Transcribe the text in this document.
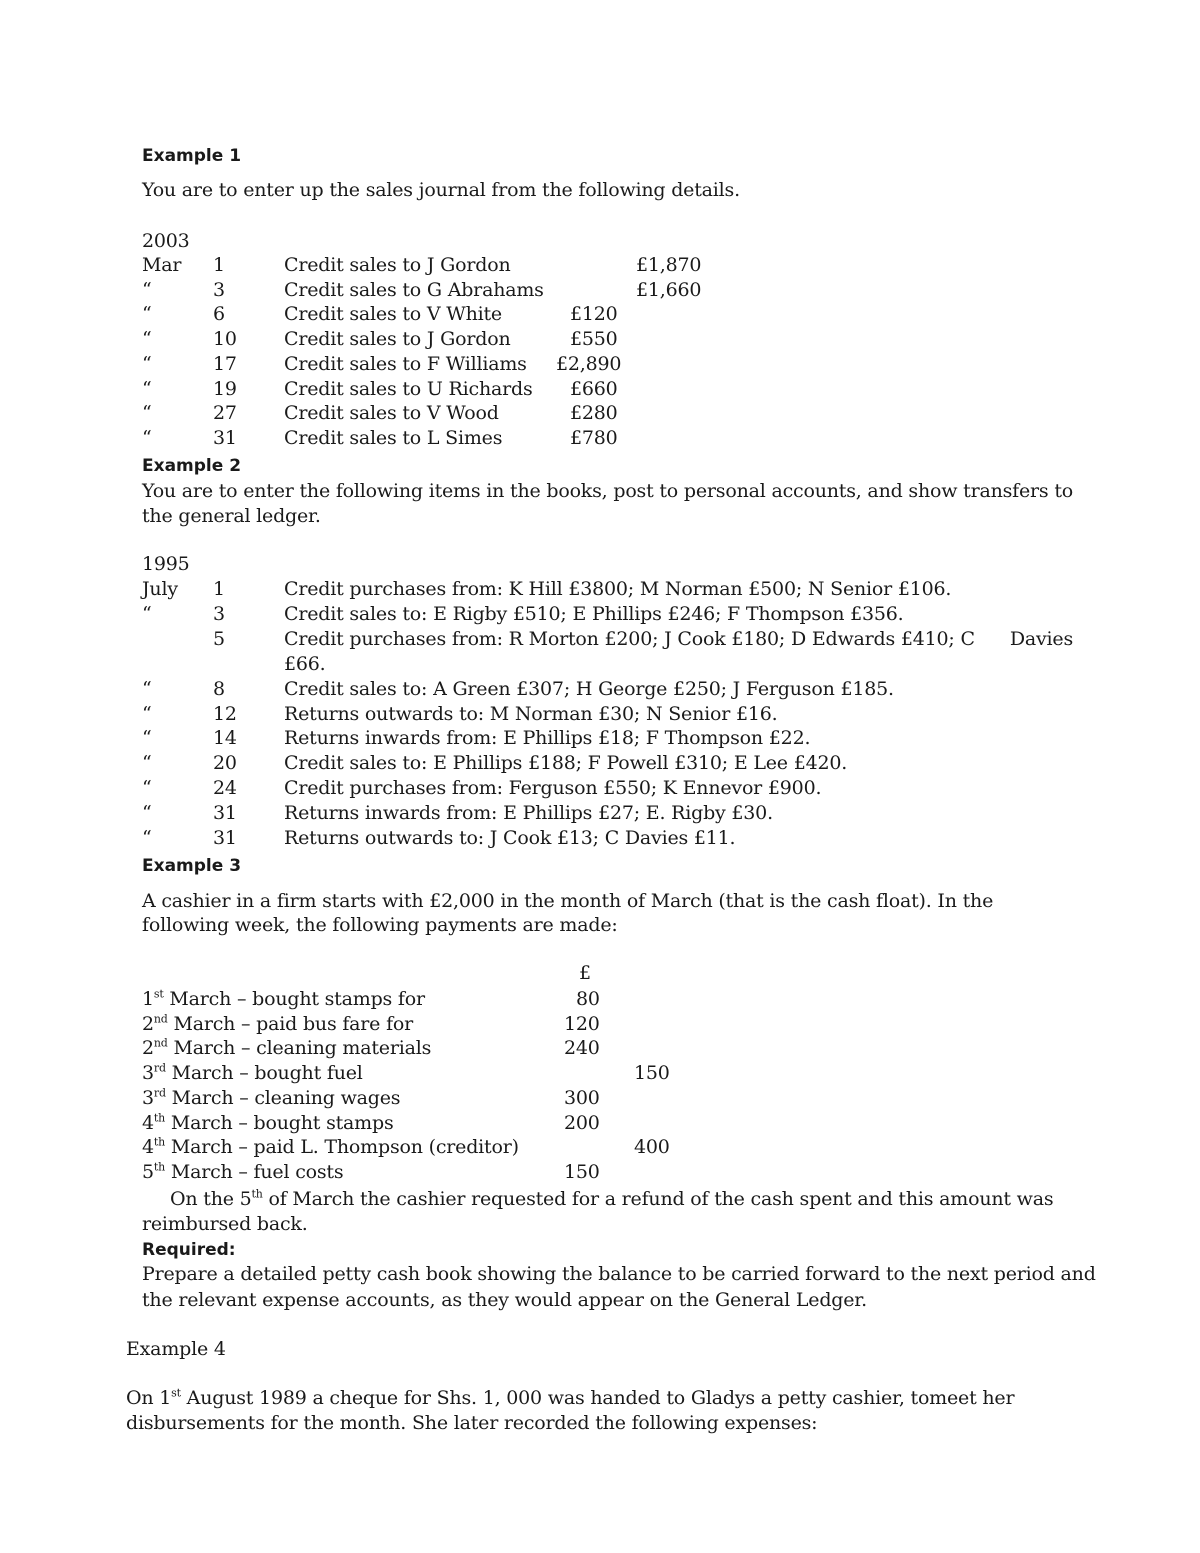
Example 1
You are to enter up the sales journal from the following details.
2003
Mar 1	Credit sales to J Gordon	£1,870
“	3	Credit sales to G Abrahams	£1,660
“	6	Credit sales to V White	£120
“	10 Credit sales to J Gordon	£550
“	17 Credit sales to F Williams £2,890
“	19 Credit sales to U Richards £660
“	27 Credit sales to V Wood	£280
“	31 Credit sales to L Simes	£780
Example 2
You are to enter the following items in the books, post to personal accounts, and show transfers to
the general ledger.
1995
July 1	Credit purchases from: K Hill £3800; M Norman £500; N Senior £106.
“	3	Credit sales to: E Rigby £510; E Phillips £246; F Thompson £356.
5	Credit purchases from: R Morton £200; J Cook £180; D Edwards £410; C      Davies
£66.
“	8	Credit sales to: A Green £307; H George £250; J Ferguson £185.
“	12 Returns outwards to: M Norman £30; N Senior £16.
“	14 Returns inwards from: E Phillips £18; F Thompson £22.
“	20 Credit sales to: E Phillips £188; F Powell £310; E Lee £420.
“	24 Credit purchases from: Ferguson £550; K Ennevor £900.
“	31 Returns inwards from: E Phillips £27; E. Rigby £30.
“	31 Returns outwards to: J Cook £13; C Davies £11.
Example 3
A cashier in a firm starts with £2,000 in the month of March (that is the cash float). In the
following week, the following payments are made:
£
1st March – bought stamps for	80
2nd March – paid bus fare for	120
2nd March – cleaning materials	240
3rd March – bought fuel	150
3rd March – cleaning wages	300
4th March – bought stamps	200
4th March – paid L. Thompson (creditor)	400
5th March – fuel costs	150
On the 5th of March the cashier requested for a refund of the cash spent and this amount was
reimbursed back.
Required:
Prepare a detailed petty cash book showing the balance to be carried forward to the next period and
the relevant expense accounts, as they would appear on the General Ledger.
Example 4
On 1st August 1989 a cheque for Shs. 1, 000 was handed to Gladys a petty cashier, tomeet her
disbursements for the month. She later recorded the following expenses:
